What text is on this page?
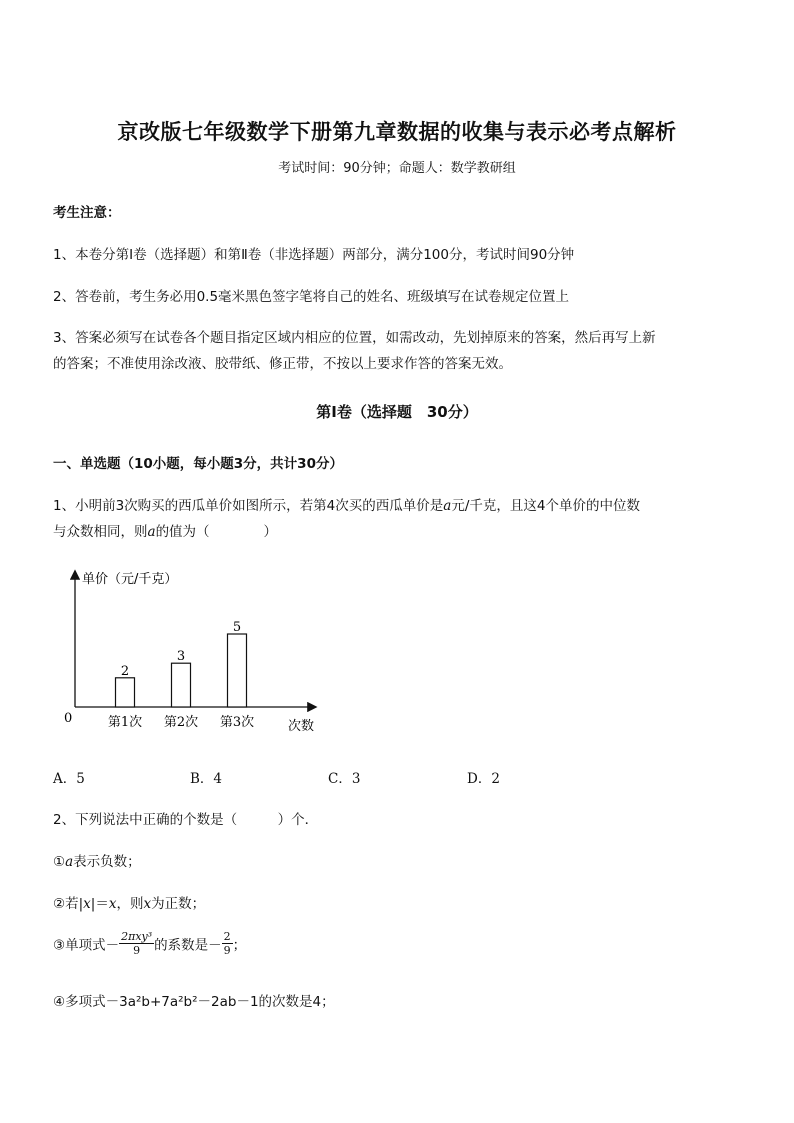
京改版七年级数学下册第九章数据的收集与表示必考点解析
考试时间：90分钟；命题人：数学教研组
考生注意：
1、本卷分第Ⅰ卷（选择题）和第Ⅱ卷（非选择题）两部分，满分100分，考试时间90分钟
2、答卷前，考生务必用0.5毫米黑色签字笔将自己的姓名、班级填写在试卷规定位置上
3、答案必须写在试卷各个题目指定区域内相应的位置，如需改动，先划掉原来的答案，然后再写上新
的答案；不准使用涂改液、胶带纸、修正带，不按以上要求作答的答案无效。
第Ⅰ卷（选择题　30分）
一、单选题（10小题，每小题3分，共计30分）
1、小明前3次购买的西瓜单价如图所示，若第4次买的西瓜单价是a元/千克，且这4个单价的中位数
与众数相同，则a的值为（　　　　）
单价（元/千克）
次数
0
2
第1次
3
第2次
5
第3次
A．5	B．4	C．3	D．2
2、下列说法中正确的个数是（　　　）个．
①a表示负数；
②若|x|＝x，则x为正数；
③单项式－ $\frac{\text{2πxy³}}{9}$ 的系数是－ $\frac{2}{9}$ ；
④多项式－3a²b+7a²b²－2ab－1的次数是4；
